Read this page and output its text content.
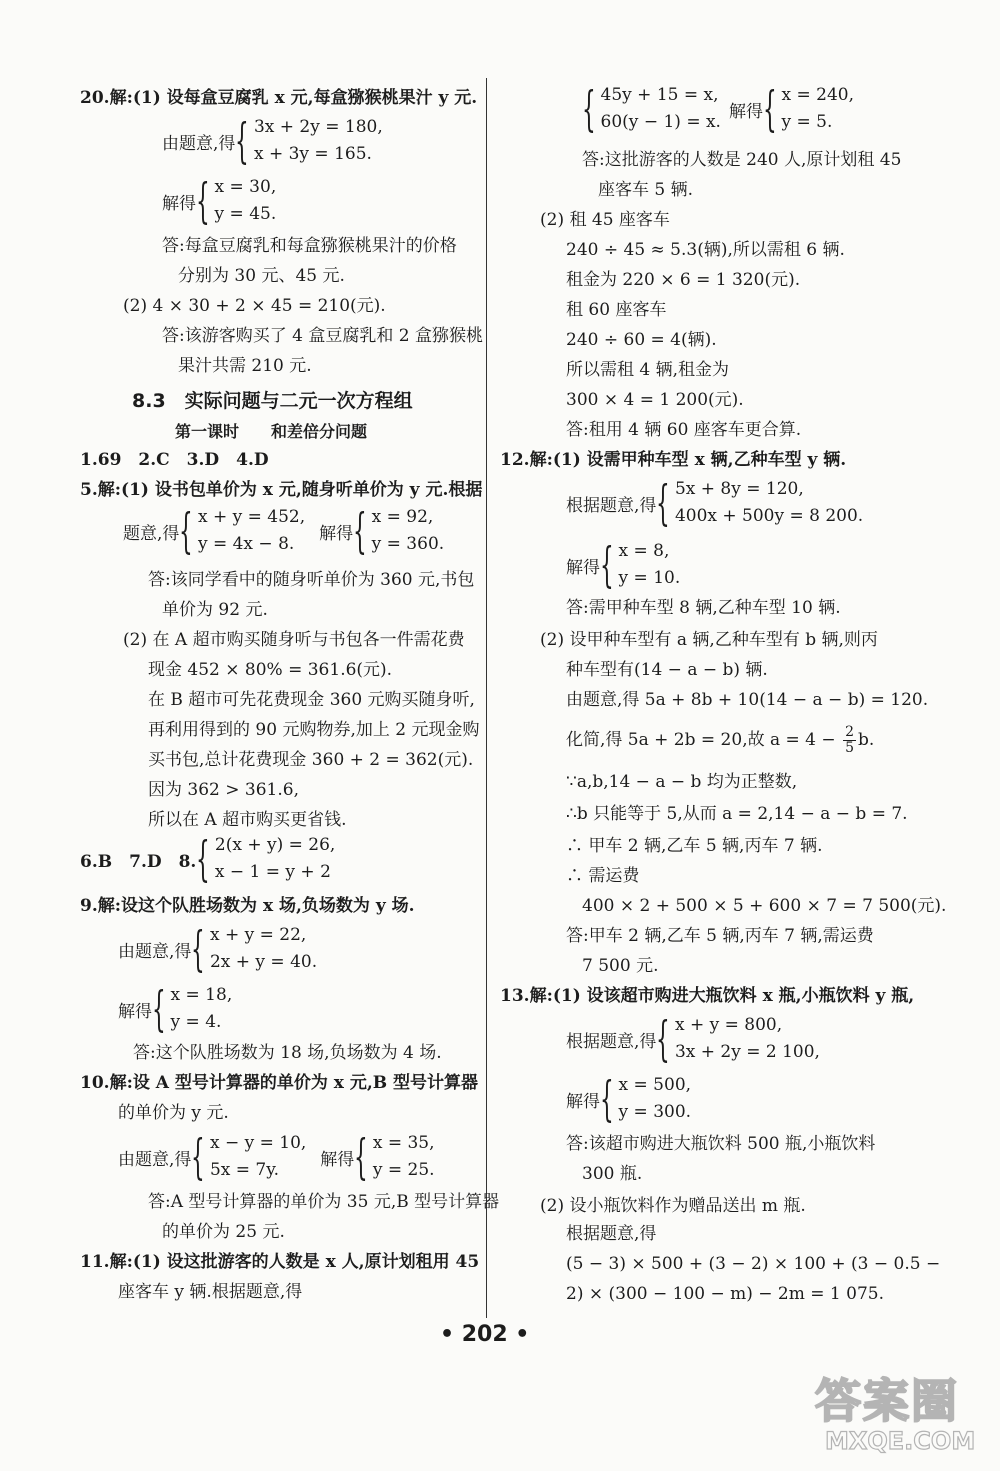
20.解:(1) 设每盒豆腐乳 x 元,每盒猕猴桃果汁 y 元.
由题意,得 { 3x + 2y = 180,
x + 3y = 165.
解得 { x = 30,
y = 45.
答:每盒豆腐乳和每盒猕猴桃果汁的价格
分别为 30 元、45 元.
(2) 4 × 30 + 2 × 45 = 210(元).
答:该游客购买了 4 盒豆腐乳和 2 盒猕猴桃
果汁共需 210 元.
8.3　实际问题与二元一次方程组
第一课时　　和差倍分问题
1.69　2.C　3.D　4.D
5.解:(1) 设书包单价为 x 元,随身听单价为 y 元.根据
题意,得 { x + y = 452,
y = 4x − 8.
解得 { x = 92,
y = 360.
答:该同学看中的随身听单价为 360 元,书包
单价为 92 元.
(2) 在 A 超市购买随身听与书包各一件需花费
现金 452 × 80% = 361.6(元).
在 B 超市可先花费现金 360 元购买随身听,
再利用得到的 90 元购物券,加上 2 元现金购
买书包,总计花费现金 360 + 2 = 362(元).
因为 362 > 361.6,
所以在 A 超市购买更省钱.
6.B　7.D　8. { 2(x + y) = 26,
x − 1 = y + 2
9.解:设这个队胜场数为 x 场,负场数为 y 场.
由题意,得 { x + y = 22,
2x + y = 40.
解得 { x = 18,
y = 4.
答:这个队胜场数为 18 场,负场数为 4 场.
10.解:设 A 型号计算器的单价为 x 元,B 型号计算器
的单价为 y 元.
由题意,得 { x − y = 10,
5x = 7y.
解得 { x = 35,
y = 25.
答:A 型号计算器的单价为 35 元,B 型号计算器
的单价为 25 元.
11.解:(1) 设这批游客的人数是 x 人,原计划租用 45
座客车 y 辆.根据题意,得
{ 45y + 15 = x,
60(y − 1) = x.
解得 { x = 240,
y = 5.
答:这批游客的人数是 240 人,原计划租 45
座客车 5 辆.
(2) 租 45 座客车
240 ÷ 45 ≈ 5.3(辆),所以需租 6 辆.
租金为 220 × 6 = 1 320(元).
租 60 座客车
240 ÷ 60 = 4(辆).
所以需租 4 辆,租金为
300 × 4 = 1 200(元).
答:租用 4 辆 60 座客车更合算.
12.解:(1) 设需甲种车型 x 辆,乙种车型 y 辆.
根据题意,得 { 5x + 8y = 120,
400x + 500y = 8 200.
解得 { x = 8,
y = 10.
答:需甲种车型 8 辆,乙种车型 10 辆.
(2) 设甲种车型有 a 辆,乙种车型有 b 辆,则丙
种车型有(14 − a − b) 辆.
由题意,得 5a + 8b + 10(14 − a − b) = 120.
化简,得 5a + 2b = 20,故 $a = 4 - \frac{2}{5} b$.
∵a,b,14 − a − b 均为正整数,
∴b 只能等于 5,从而 a = 2,14 − a − b = 7.
∴ 甲车 2 辆,乙车 5 辆,丙车 7 辆.
∴ 需运费
400 × 2 + 500 × 5 + 600 × 7 = 7 500(元).
答:甲车 2 辆,乙车 5 辆,丙车 7 辆,需运费
7 500 元.
13.解:(1) 设该超市购进大瓶饮料 x 瓶,小瓶饮料 y 瓶,
根据题意,得 { x + y = 800,
3x + 2y = 2 100,
解得 { x = 500,
y = 300.
答:该超市购进大瓶饮料 500 瓶,小瓶饮料
300 瓶.
(2) 设小瓶饮料作为赠品送出 m 瓶.
根据题意,得
(5 − 3) × 500 + (3 − 2) × 100 + (3 − 0.5 −
2) × (300 − 100 − m) − 2m = 1 075.
• 202 •
答案圈
MXQE.COM
